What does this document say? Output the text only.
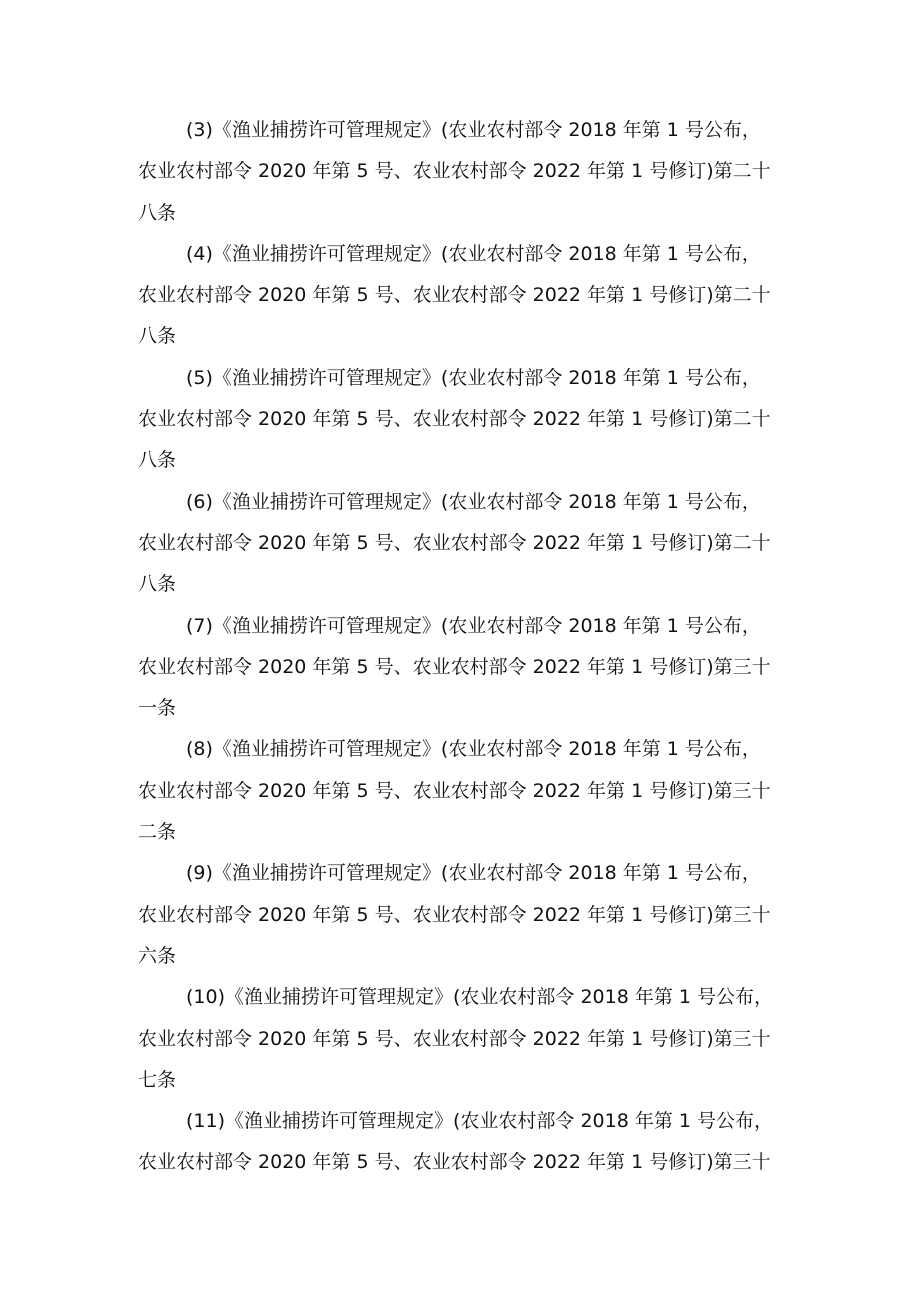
(3)《渔业捕捞许可管理规定》(农业农村部令 2018 年第 1 号公布，
农业农村部令 2020 年第 5 号、农业农村部令 2022 年第 1 号修订)第二十
八条
(4)《渔业捕捞许可管理规定》(农业农村部令 2018 年第 1 号公布，
农业农村部令 2020 年第 5 号、农业农村部令 2022 年第 1 号修订)第二十
八条
(5)《渔业捕捞许可管理规定》(农业农村部令 2018 年第 1 号公布，
农业农村部令 2020 年第 5 号、农业农村部令 2022 年第 1 号修订)第二十
八条
(6)《渔业捕捞许可管理规定》(农业农村部令 2018 年第 1 号公布，
农业农村部令 2020 年第 5 号、农业农村部令 2022 年第 1 号修订)第二十
八条
(7)《渔业捕捞许可管理规定》(农业农村部令 2018 年第 1 号公布，
农业农村部令 2020 年第 5 号、农业农村部令 2022 年第 1 号修订)第三十
一条
(8)《渔业捕捞许可管理规定》(农业农村部令 2018 年第 1 号公布，
农业农村部令 2020 年第 5 号、农业农村部令 2022 年第 1 号修订)第三十
二条
(9)《渔业捕捞许可管理规定》(农业农村部令 2018 年第 1 号公布，
农业农村部令 2020 年第 5 号、农业农村部令 2022 年第 1 号修订)第三十
六条
(10)《渔业捕捞许可管理规定》(农业农村部令 2018 年第 1 号公布，
农业农村部令 2020 年第 5 号、农业农村部令 2022 年第 1 号修订)第三十
七条
(11)《渔业捕捞许可管理规定》(农业农村部令 2018 年第 1 号公布，
农业农村部令 2020 年第 5 号、农业农村部令 2022 年第 1 号修订)第三十
